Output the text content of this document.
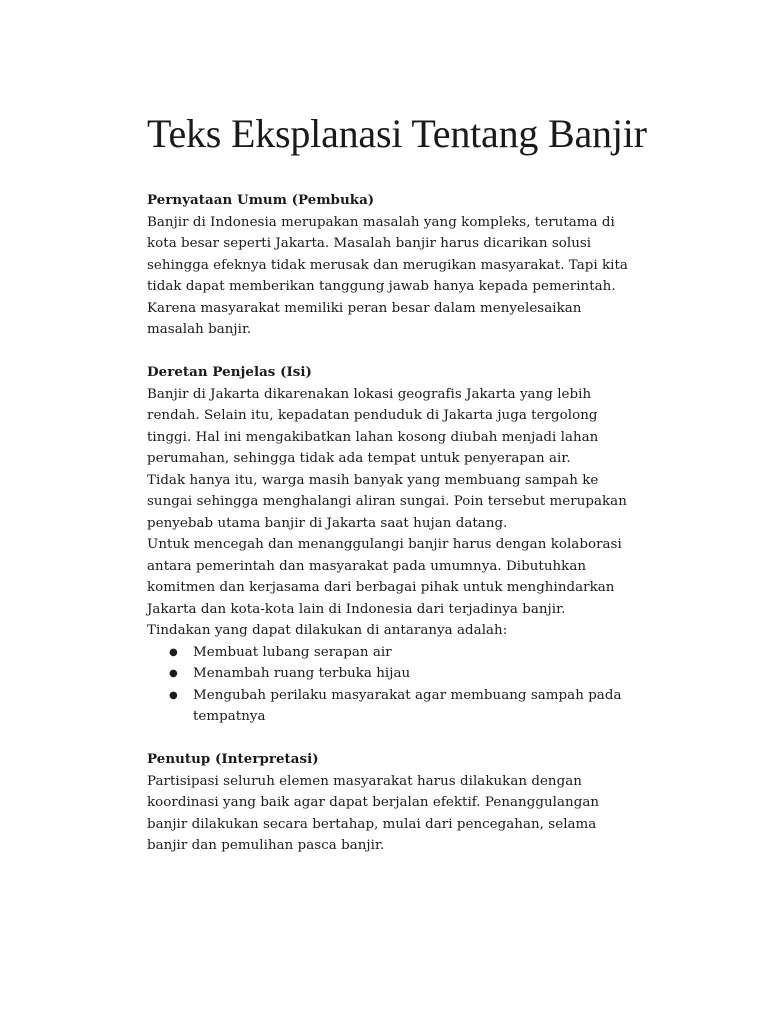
Teks Eksplanasi Tentang Banjir
Pernyataan Umum (Pembuka)
Banjir di Indonesia merupakan masalah yang kompleks, terutama di
kota besar seperti Jakarta. Masalah banjir harus dicarikan solusi
sehingga efeknya tidak merusak dan merugikan masyarakat. Tapi kita
tidak dapat memberikan tanggung jawab hanya kepada pemerintah.
Karena masyarakat memiliki peran besar dalam menyelesaikan
masalah banjir.
Deretan Penjelas (Isi)
Banjir di Jakarta dikarenakan lokasi geografis Jakarta yang lebih
rendah. Selain itu, kepadatan penduduk di Jakarta juga tergolong
tinggi. Hal ini mengakibatkan lahan kosong diubah menjadi lahan
perumahan, sehingga tidak ada tempat untuk penyerapan air.
Tidak hanya itu, warga masih banyak yang membuang sampah ke
sungai sehingga menghalangi aliran sungai. Poin tersebut merupakan
penyebab utama banjir di Jakarta saat hujan datang.
Untuk mencegah dan menanggulangi banjir harus dengan kolaborasi
antara pemerintah dan masyarakat pada umumnya. Dibutuhkan
komitmen dan kerjasama dari berbagai pihak untuk menghindarkan
Jakarta dan kota-kota lain di Indonesia dari terjadinya banjir.
Tindakan yang dapat dilakukan di antaranya adalah:
● Membuat lubang serapan air
● Menambah ruang terbuka hijau
● Mengubah perilaku masyarakat agar membuang sampah pada
tempatnya
Penutup (Interpretasi)
Partisipasi seluruh elemen masyarakat harus dilakukan dengan
koordinasi yang baik agar dapat berjalan efektif. Penanggulangan
banjir dilakukan secara bertahap, mulai dari pencegahan, selama
banjir dan pemulihan pasca banjir.
